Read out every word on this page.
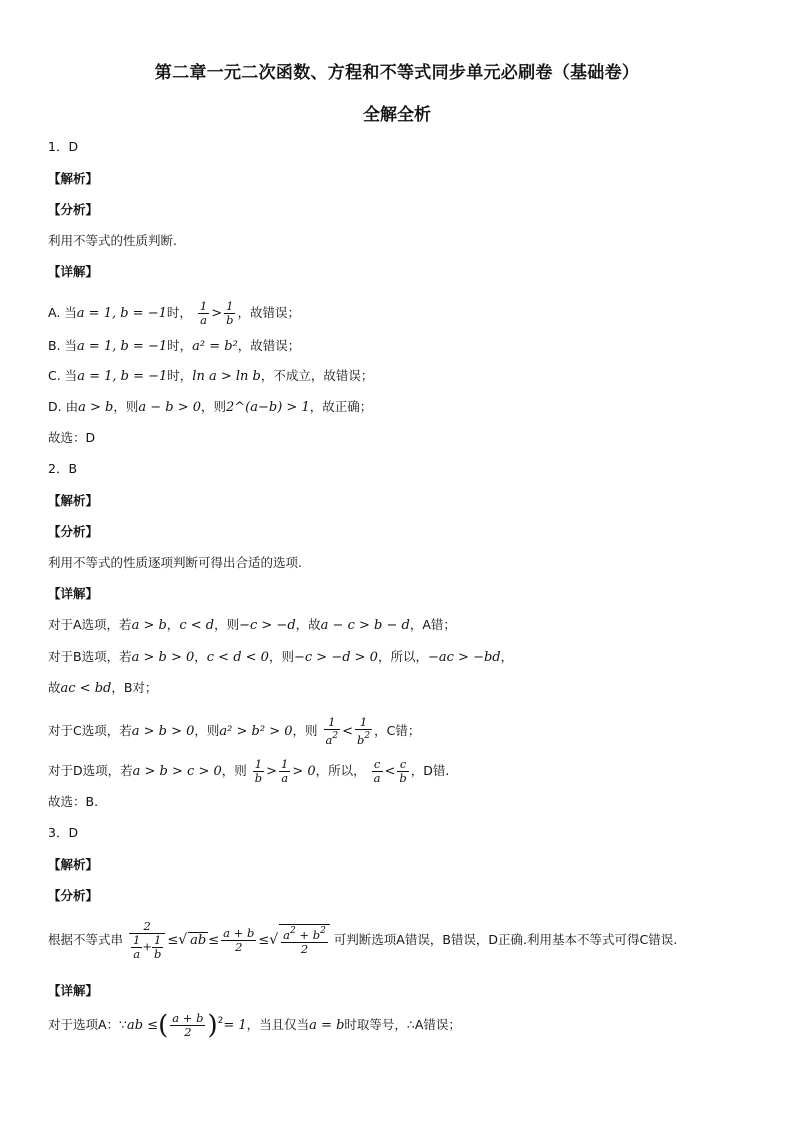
第二章一元二次函数、方程和不等式同步单元必刷卷（基础卷）
全解全析
1．D
【解析】
【分析】
利用不等式的性质判断.
【详解】
A. 当a = 1, b = −1时， $\frac{1}{a} > \frac{1}{b}$ ，故错误；
B. 当a = 1, b = −1时，a² = b²，故错误；
C. 当a = 1, b = −1时，ln a > ln b，不成立，故错误；
D. 由a > b，则a − b > 0，则2^(a−b) > 1，故正确；
故选：D
2．B
【解析】
【分析】
利用不等式的性质逐项判断可得出合适的选项.
【详解】
对于A选项，若a > b，c < d，则−c > −d，故a − c > b − d，A错；
对于B选项，若a > b > 0，c < d < 0，则−c > −d > 0，所以，−ac > −bd，
故ac < bd，B对；
对于C选项，若a > b > 0，则a² > b² > 0，则 $\frac{1}{a^2} < \frac{1}{b^2}$ ，C错；
对于D选项，若a > b > c > 0，则 $\frac{1}{b} > \frac{1}{a} > 0$，所以， $\frac{c}{a} < \frac{c}{b}$ ，D错.
故选：B.
3．D
【解析】
【分析】
根据不等式串 $\frac{2}{\frac{1}{a} + \frac{1}{b}}$ ≤√ ab ≤ $\frac{a + b}{2}$ ≤√ $\frac{a^2 + b^2}{2}$ 可判断选项A错误，B错误，D正确.利用基本不等式可得C错误.
【详解】
对于选项A：∵ab ≤( $\frac{a + b}{2} )^2= 1$，当且仅当a = b时取等号，∴A错误；
